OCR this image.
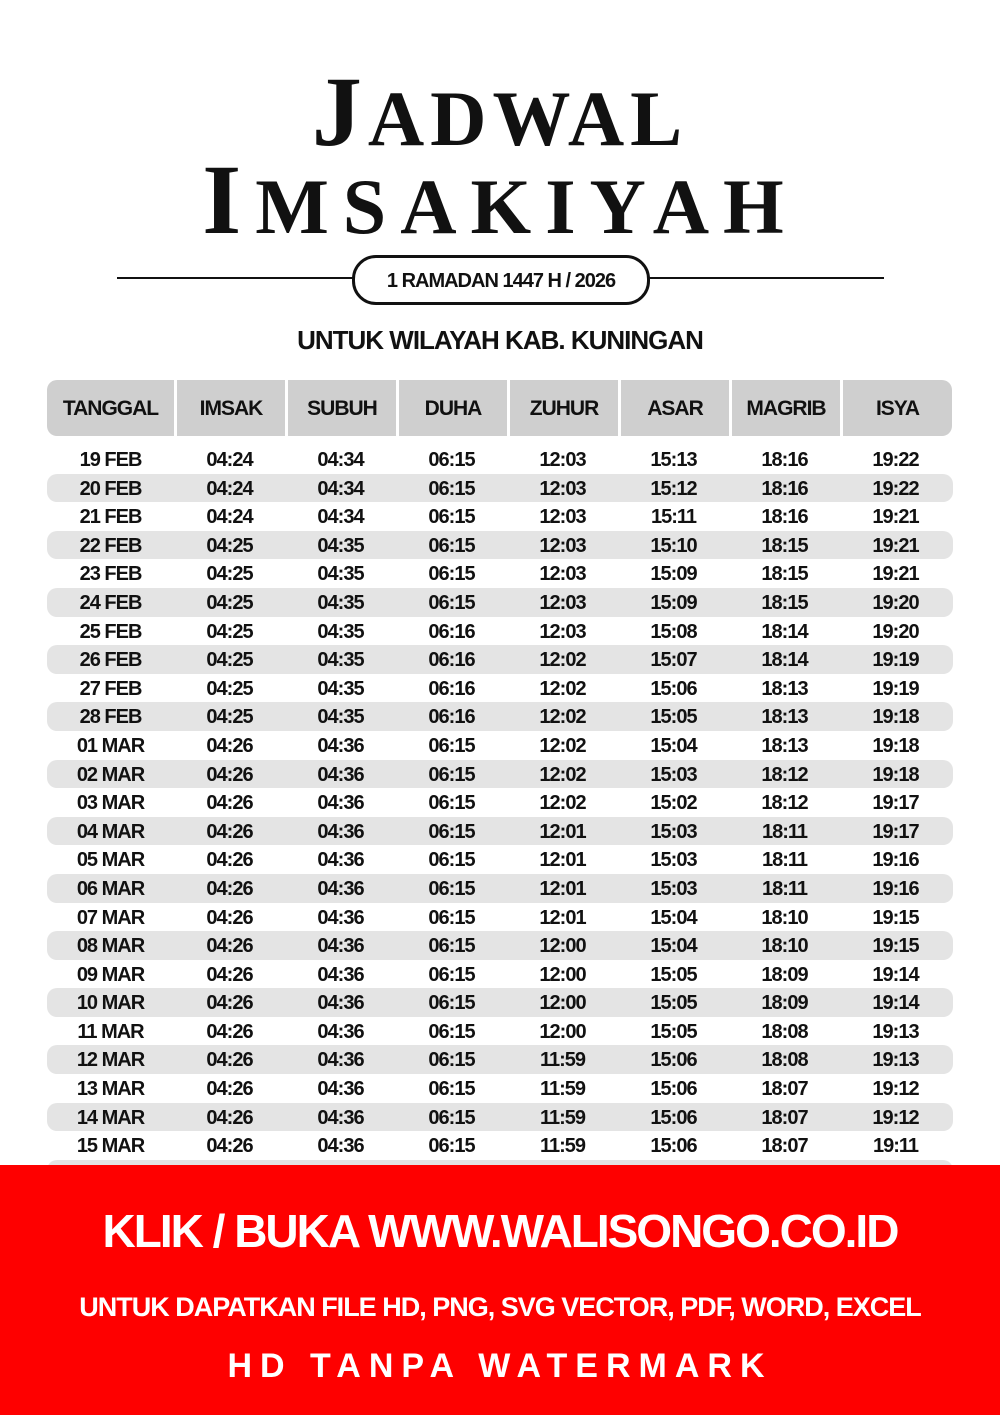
JADWAL
IMSAKIYAH
1 RAMADAN 1447 H / 2026
UNTUK WILAYAH KAB. KUNINGAN
TANGGAL	IMSAK	SUBUH	DUHA	ZUHUR	ASAR	MAGRIB	ISYA
19 FEB	04:24	04:34	06:15	12:03	15:13	18:16	19:22
20 FEB	04:24	04:34	06:15	12:03	15:12	18:16	19:22
21 FEB	04:24	04:34	06:15	12:03	15:11	18:16	19:21
22 FEB	04:25	04:35	06:15	12:03	15:10	18:15	19:21
23 FEB	04:25	04:35	06:15	12:03	15:09	18:15	19:21
24 FEB	04:25	04:35	06:15	12:03	15:09	18:15	19:20
25 FEB	04:25	04:35	06:16	12:03	15:08	18:14	19:20
26 FEB	04:25	04:35	06:16	12:02	15:07	18:14	19:19
27 FEB	04:25	04:35	06:16	12:02	15:06	18:13	19:19
28 FEB	04:25	04:35	06:16	12:02	15:05	18:13	19:18
01 MAR	04:26	04:36	06:15	12:02	15:04	18:13	19:18
02 MAR	04:26	04:36	06:15	12:02	15:03	18:12	19:18
03 MAR	04:26	04:36	06:15	12:02	15:02	18:12	19:17
04 MAR	04:26	04:36	06:15	12:01	15:03	18:11	19:17
05 MAR	04:26	04:36	06:15	12:01	15:03	18:11	19:16
06 MAR	04:26	04:36	06:15	12:01	15:03	18:11	19:16
07 MAR	04:26	04:36	06:15	12:01	15:04	18:10	19:15
08 MAR	04:26	04:36	06:15	12:00	15:04	18:10	19:15
09 MAR	04:26	04:36	06:15	12:00	15:05	18:09	19:14
10 MAR	04:26	04:36	06:15	12:00	15:05	18:09	19:14
11 MAR	04:26	04:36	06:15	12:00	15:05	18:08	19:13
12 MAR	04:26	04:36	06:15	11:59	15:06	18:08	19:13
13 MAR	04:26	04:36	06:15	11:59	15:06	18:07	19:12
14 MAR	04:26	04:36	06:15	11:59	15:06	18:07	19:12
15 MAR	04:26	04:36	06:15	11:59	15:06	18:07	19:11
KLIK / BUKA WWW.WALISONGO.CO.ID
UNTUK DAPATKAN FILE HD, PNG, SVG VECTOR, PDF, WORD, EXCEL
HD TANPA WATERMARK
